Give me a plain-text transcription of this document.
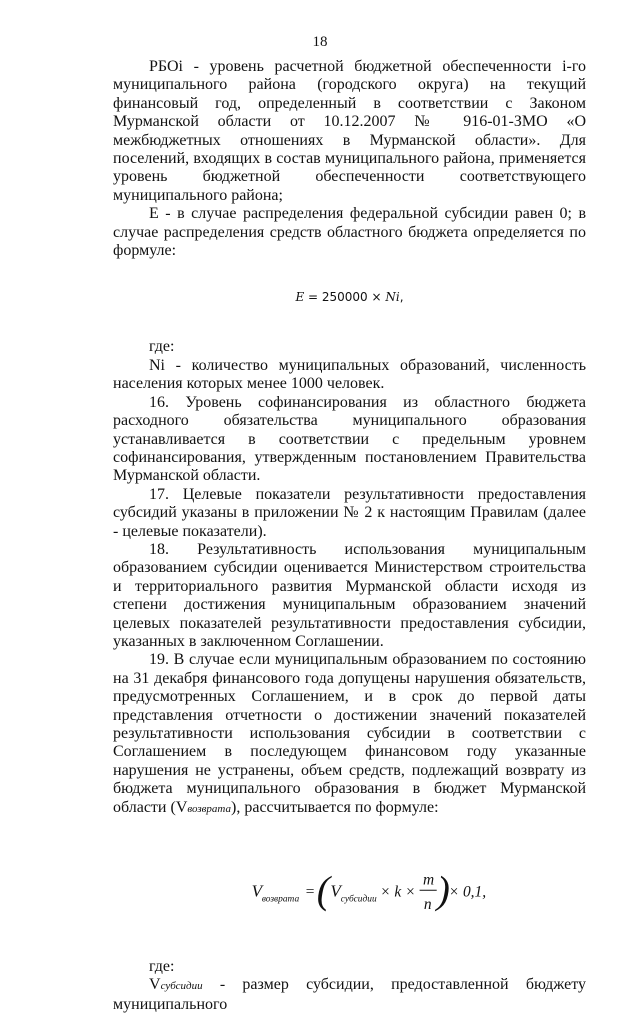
18

РБОi - уровень расчетной бюджетной обеспеченности i-го муниципального района (городского округа) на текущий финансовый год, определенный в соответствии с Законом Мурманской области от 10.12.2007 № 916-01-ЗМО «О межбюджетных отношениях в Мурманской области». Для поселений, входящих в состав муниципального района, применяется уровень бюджетной обеспеченности соответствующего муниципального района;

Е - в случае распределения федеральной субсидии равен 0; в случае распределения средств областного бюджета определяется по формуле:

E = 250000 × Ni,

где:

Ni - количество муниципальных образований, численность населения которых менее 1000 человек.

16. Уровень софинансирования из областного бюджета расходного обязательства муниципального образования устанавливается в соответствии с предельным уровнем софинансирования, утвержденным постановлением Правительства Мурманской области.

17. Целевые показатели результативности предоставления субсидий указаны в приложении № 2 к настоящим Правилам (далее - целевые показатели).

18. Результативность использования муниципальным образованием субсидии оценивается Министерством строительства и территориального развития Мурманской области исходя из степени достижения муниципальным образованием значений целевых показателей результативности предоставления субсидии, указанных в заключенном Соглашении.

19. В случае если муниципальным образованием по состоянию на 31 декабря финансового года допущены нарушения обязательств, предусмотренных Соглашением, и в срок до первой даты представления отчетности о достижении значений показателей результативности использования субсидии в соответствии с Соглашением в последующем финансовом году указанные нарушения не устранены, объем средств, подлежащий возврату из бюджета муниципального образования в бюджет Мурманской области (Vвозврата), рассчитывается по формуле:

V возврата = ( V субсидии × k ×
m
n )
× 0,1,

где:

Vсубсидии - размер субсидии, предоставленной бюджету муниципального
